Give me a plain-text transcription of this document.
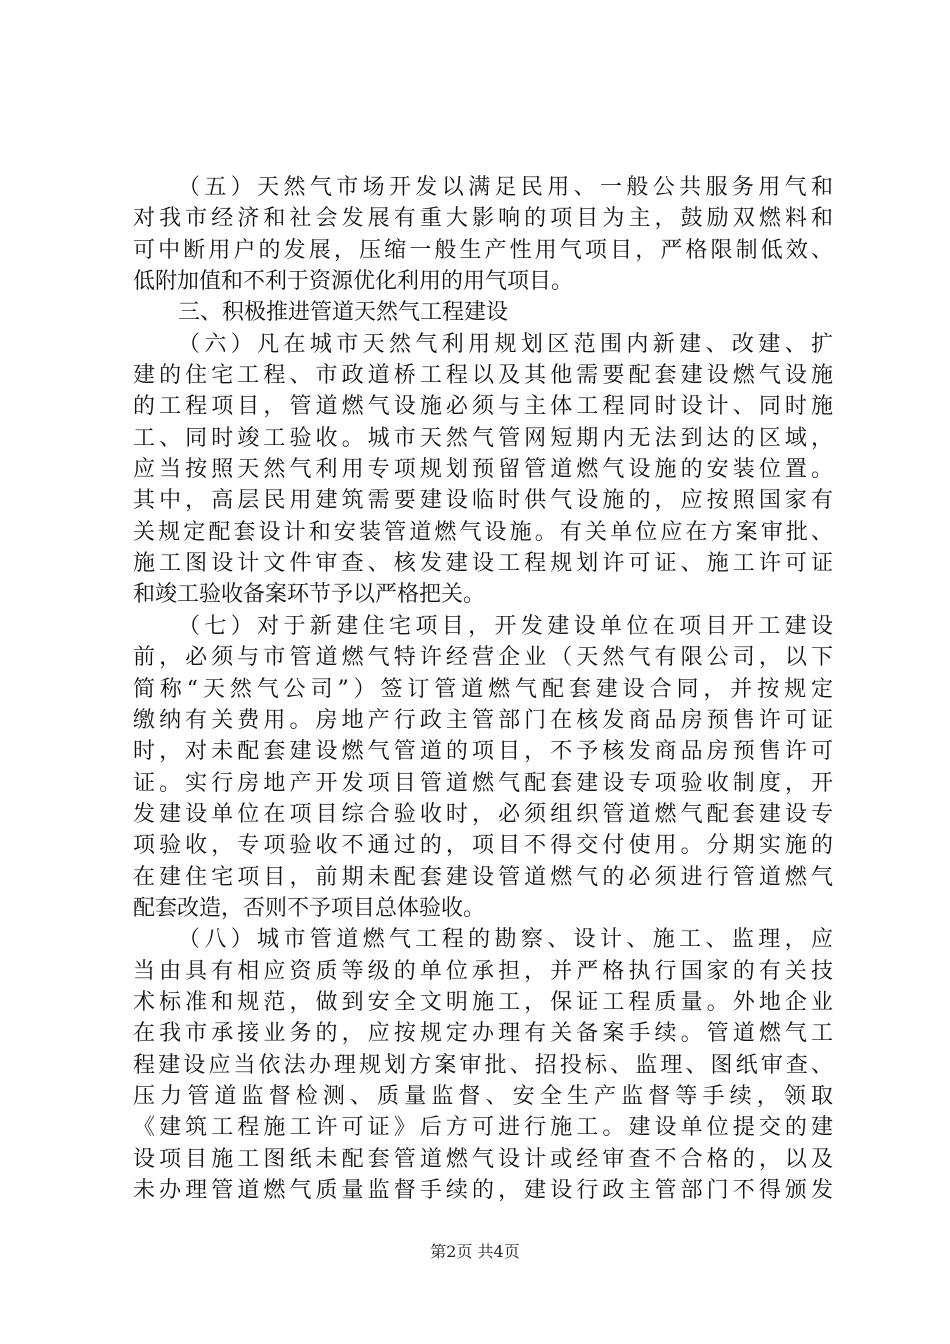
（五）天然气市场开发以满足民用、一般公共服务用气和
对我市经济和社会发展有重大影响的项目为主，鼓励双燃料和
可中断用户的发展，压缩一般生产性用气项目，严格限制低效、
低附加值和不利于资源优化利用的用气项目。
三、积极推进管道天然气工程建设
（六）凡在城市天然气利用规划区范围内新建、改建、扩
建的住宅工程、市政道桥工程以及其他需要配套建设燃气设施
的工程项目，管道燃气设施必须与主体工程同时设计、同时施
工、同时竣工验收。城市天然气管网短期内无法到达的区域，
应当按照天然气利用专项规划预留管道燃气设施的安装位置。
其中，高层民用建筑需要建设临时供气设施的，应按照国家有
关规定配套设计和安装管道燃气设施。有关单位应在方案审批、
施工图设计文件审查、核发建设工程规划许可证、施工许可证
和竣工验收备案环节予以严格把关。
（七）对于新建住宅项目，开发建设单位在项目开工建设
前，必须与市管道燃气特许经营企业（天然气有限公司，以下
简称“天然气公司”）签订管道燃气配套建设合同，并按规定
缴纳有关费用。房地产行政主管部门在核发商品房预售许可证
时，对未配套建设燃气管道的项目，不予核发商品房预售许可
证。实行房地产开发项目管道燃气配套建设专项验收制度，开
发建设单位在项目综合验收时，必须组织管道燃气配套建设专
项验收，专项验收不通过的，项目不得交付使用。分期实施的
在建住宅项目，前期未配套建设管道燃气的必须进行管道燃气
配套改造，否则不予项目总体验收。
（八）城市管道燃气工程的勘察、设计、施工、监理，应
当由具有相应资质等级的单位承担，并严格执行国家的有关技
术标准和规范，做到安全文明施工，保证工程质量。外地企业
在我市承接业务的，应按规定办理有关备案手续。管道燃气工
程建设应当依法办理规划方案审批、招投标、监理、图纸审查、
压力管道监督检测、质量监督、安全生产监督等手续，领取
《建筑工程施工许可证》后方可进行施工。建设单位提交的建
设项目施工图纸未配套管道燃气设计或经审查不合格的，以及
未办理管道燃气质量监督手续的，建设行政主管部门不得颁发
第2页 共4页
